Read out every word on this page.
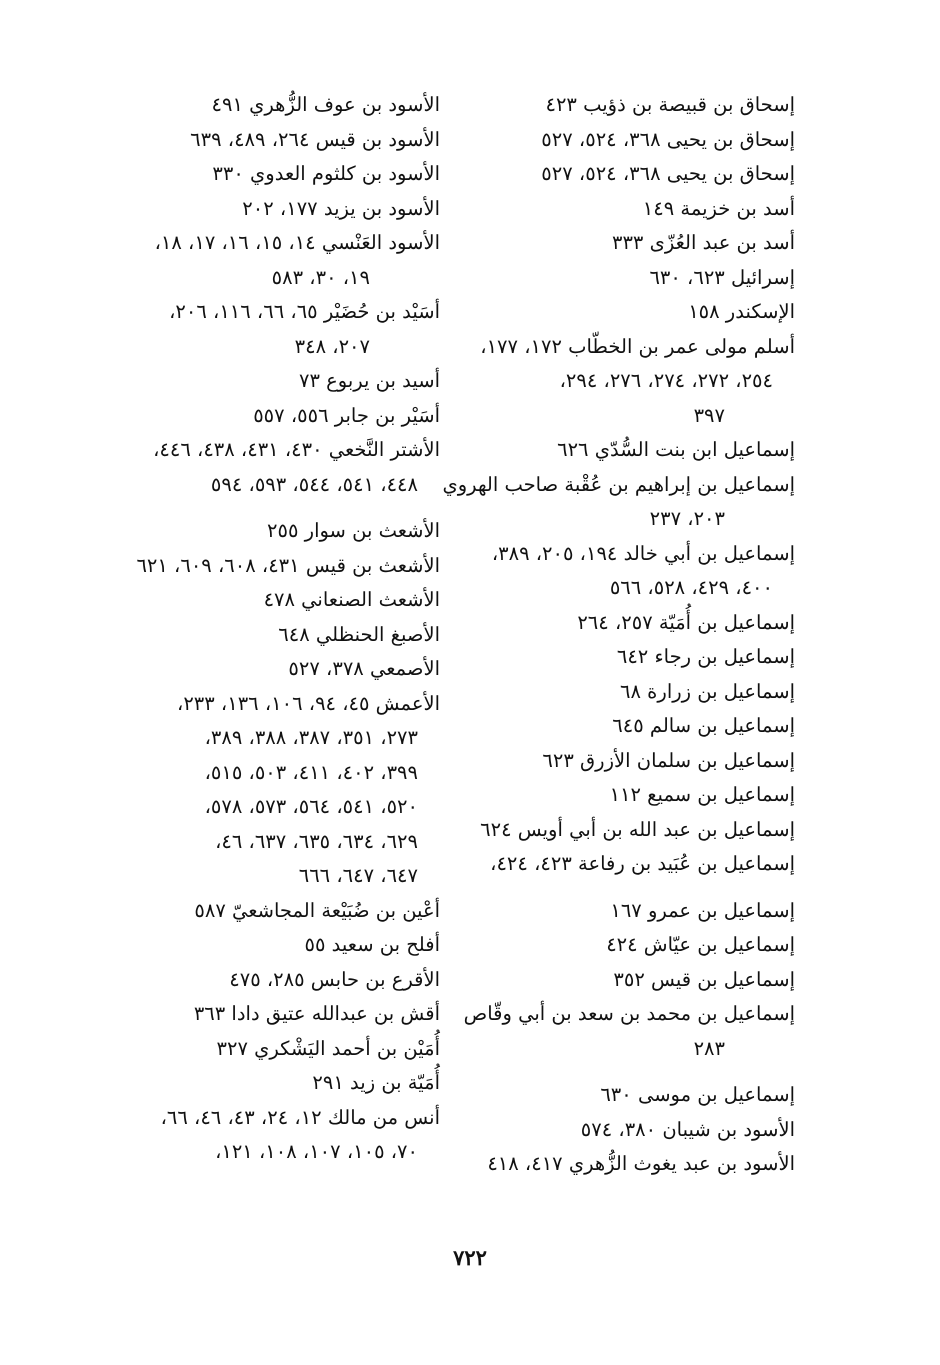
إسحاق بن قبيصة بن ذؤيب ٤٢٣
إسحاق بن يحيى ٣٦٨، ٥٢٤، ٥٢٧
إسحاق بن يحيى ٣٦٨، ٥٢٤، ٥٢٧
أسد بن خزيمة ١٤٩
أسد بن عبد العُزّى ٣٣٣
إسرائيل ٦٢٣، ٦٣٠
الإسكندر ١٥٨
أسلم مولى عمر بن الخطّاب ١٧٢، ١٧٧،
٢٥٤، ٢٧٢، ٢٧٤، ٢٧٦، ٢٩٤،
٣٩٧
إسماعيل ابن بنت السُّدّي ٦٢٦
إسماعيل بن إبراهيم بن عُقْبة صاحب الهروي
٢٠٣، ٢٣٧
إسماعيل بن أبي خالد ١٩٤، ٢٠٥، ٣٨٩،
٤٠٠، ٤٢٩، ٥٢٨، ٥٦٦
إسماعيل بن أُمَيّة ٢٥٧، ٢٦٤
إسماعيل بن رجاء ٦٤٢
إسماعيل بن زرارة ٦٨
إسماعيل بن سالم ٦٤٥
إسماعيل بن سلمان الأزرق ٦٢٣
إسماعيل بن سميع ١١٢
إسماعيل بن عبد الله بن أبي أويس ٦٢٤
إسماعيل بن عُبَيد بن رفاعة ٤٢٣، ٤٢٤،
إسماعيل بن عمرو ١٦٧
إسماعيل بن عيّاش ٤٢٤
إسماعيل بن قيس ٣٥٢
إسماعيل بن محمد بن سعد بن أبي وقّاص
٢٨٣
إسماعيل بن موسى ٦٣٠
الأسود بن شيبان ٣٨٠، ٥٧٤
الأسود بن عبد يغوث الزُّهري ٤١٧، ٤١٨
الأسود بن عوف الزُّهري ٤٩١
الأسود بن قيس ٢٦٤، ٤٨٩، ٦٣٩
الأسود بن كلثوم العدوي ٣٣٠
الأسود بن يزيد ١٧٧، ٢٠٢
الأسود العَنْسي ١٤، ١٥، ١٦، ١٧، ١٨،
١٩، ٣٠، ٥٨٣
أسَيْد بن حُضَيْر ٦٥، ٦٦، ١١٦، ٢٠٦،
٢٠٧، ٣٤٨
أسيد بن يربوع ٧٣
أسَيْر بن جابر ٥٥٦، ٥٥٧
الأشتر النَّخعي ٤٣٠، ٤٣١، ٤٣٨، ٤٤٦،
٤٤٨، ٥٤١، ٥٤٤، ٥٩٣، ٥٩٤
الأشعث بن سوار ٢٥٥
الأشعث بن قيس ٤٣١، ٦٠٨، ٦٠٩، ٦٢١
الأشعث الصنعاني ٤٧٨
الأصبغ الحنظلي ٦٤٨
الأصمعي ٣٧٨، ٥٢٧
الأعمش ٤٥، ٩٤، ١٠٦، ١٣٦، ٢٣٣،
٢٧٣، ٣٥١، ٣٨٧، ٣٨٨، ٣٨٩،
٣٩٩، ٤٠٢، ٤١١، ٥٠٣، ٥١٥،
٥٢٠، ٥٤١، ٥٦٤، ٥٧٣، ٥٧٨،
٦٢٩، ٦٣٤، ٦٣٥، ٦٣٧، ٤٦،
٦٤٧، ٦٤٧، ٦٦٦
أعْين بن ضُبَيْعة المجاشعيّ ٥٨٧
أفلح بن سعيد ٥٥
الأقرع بن حابس ٢٨٥، ٤٧٥
أقش بن عبدالله عتيق دادا ٣٦٣
أُمَيْن بن أحمد اليَشْكري ٣٢٧
أُمَيّة بن زيد ٢٩١
أنس من مالك ١٢، ٢٤، ٤٣، ٤٦، ٦٦،
٧٠، ١٠٥، ١٠٧، ١٠٨، ١٢١،
٧٢٢
